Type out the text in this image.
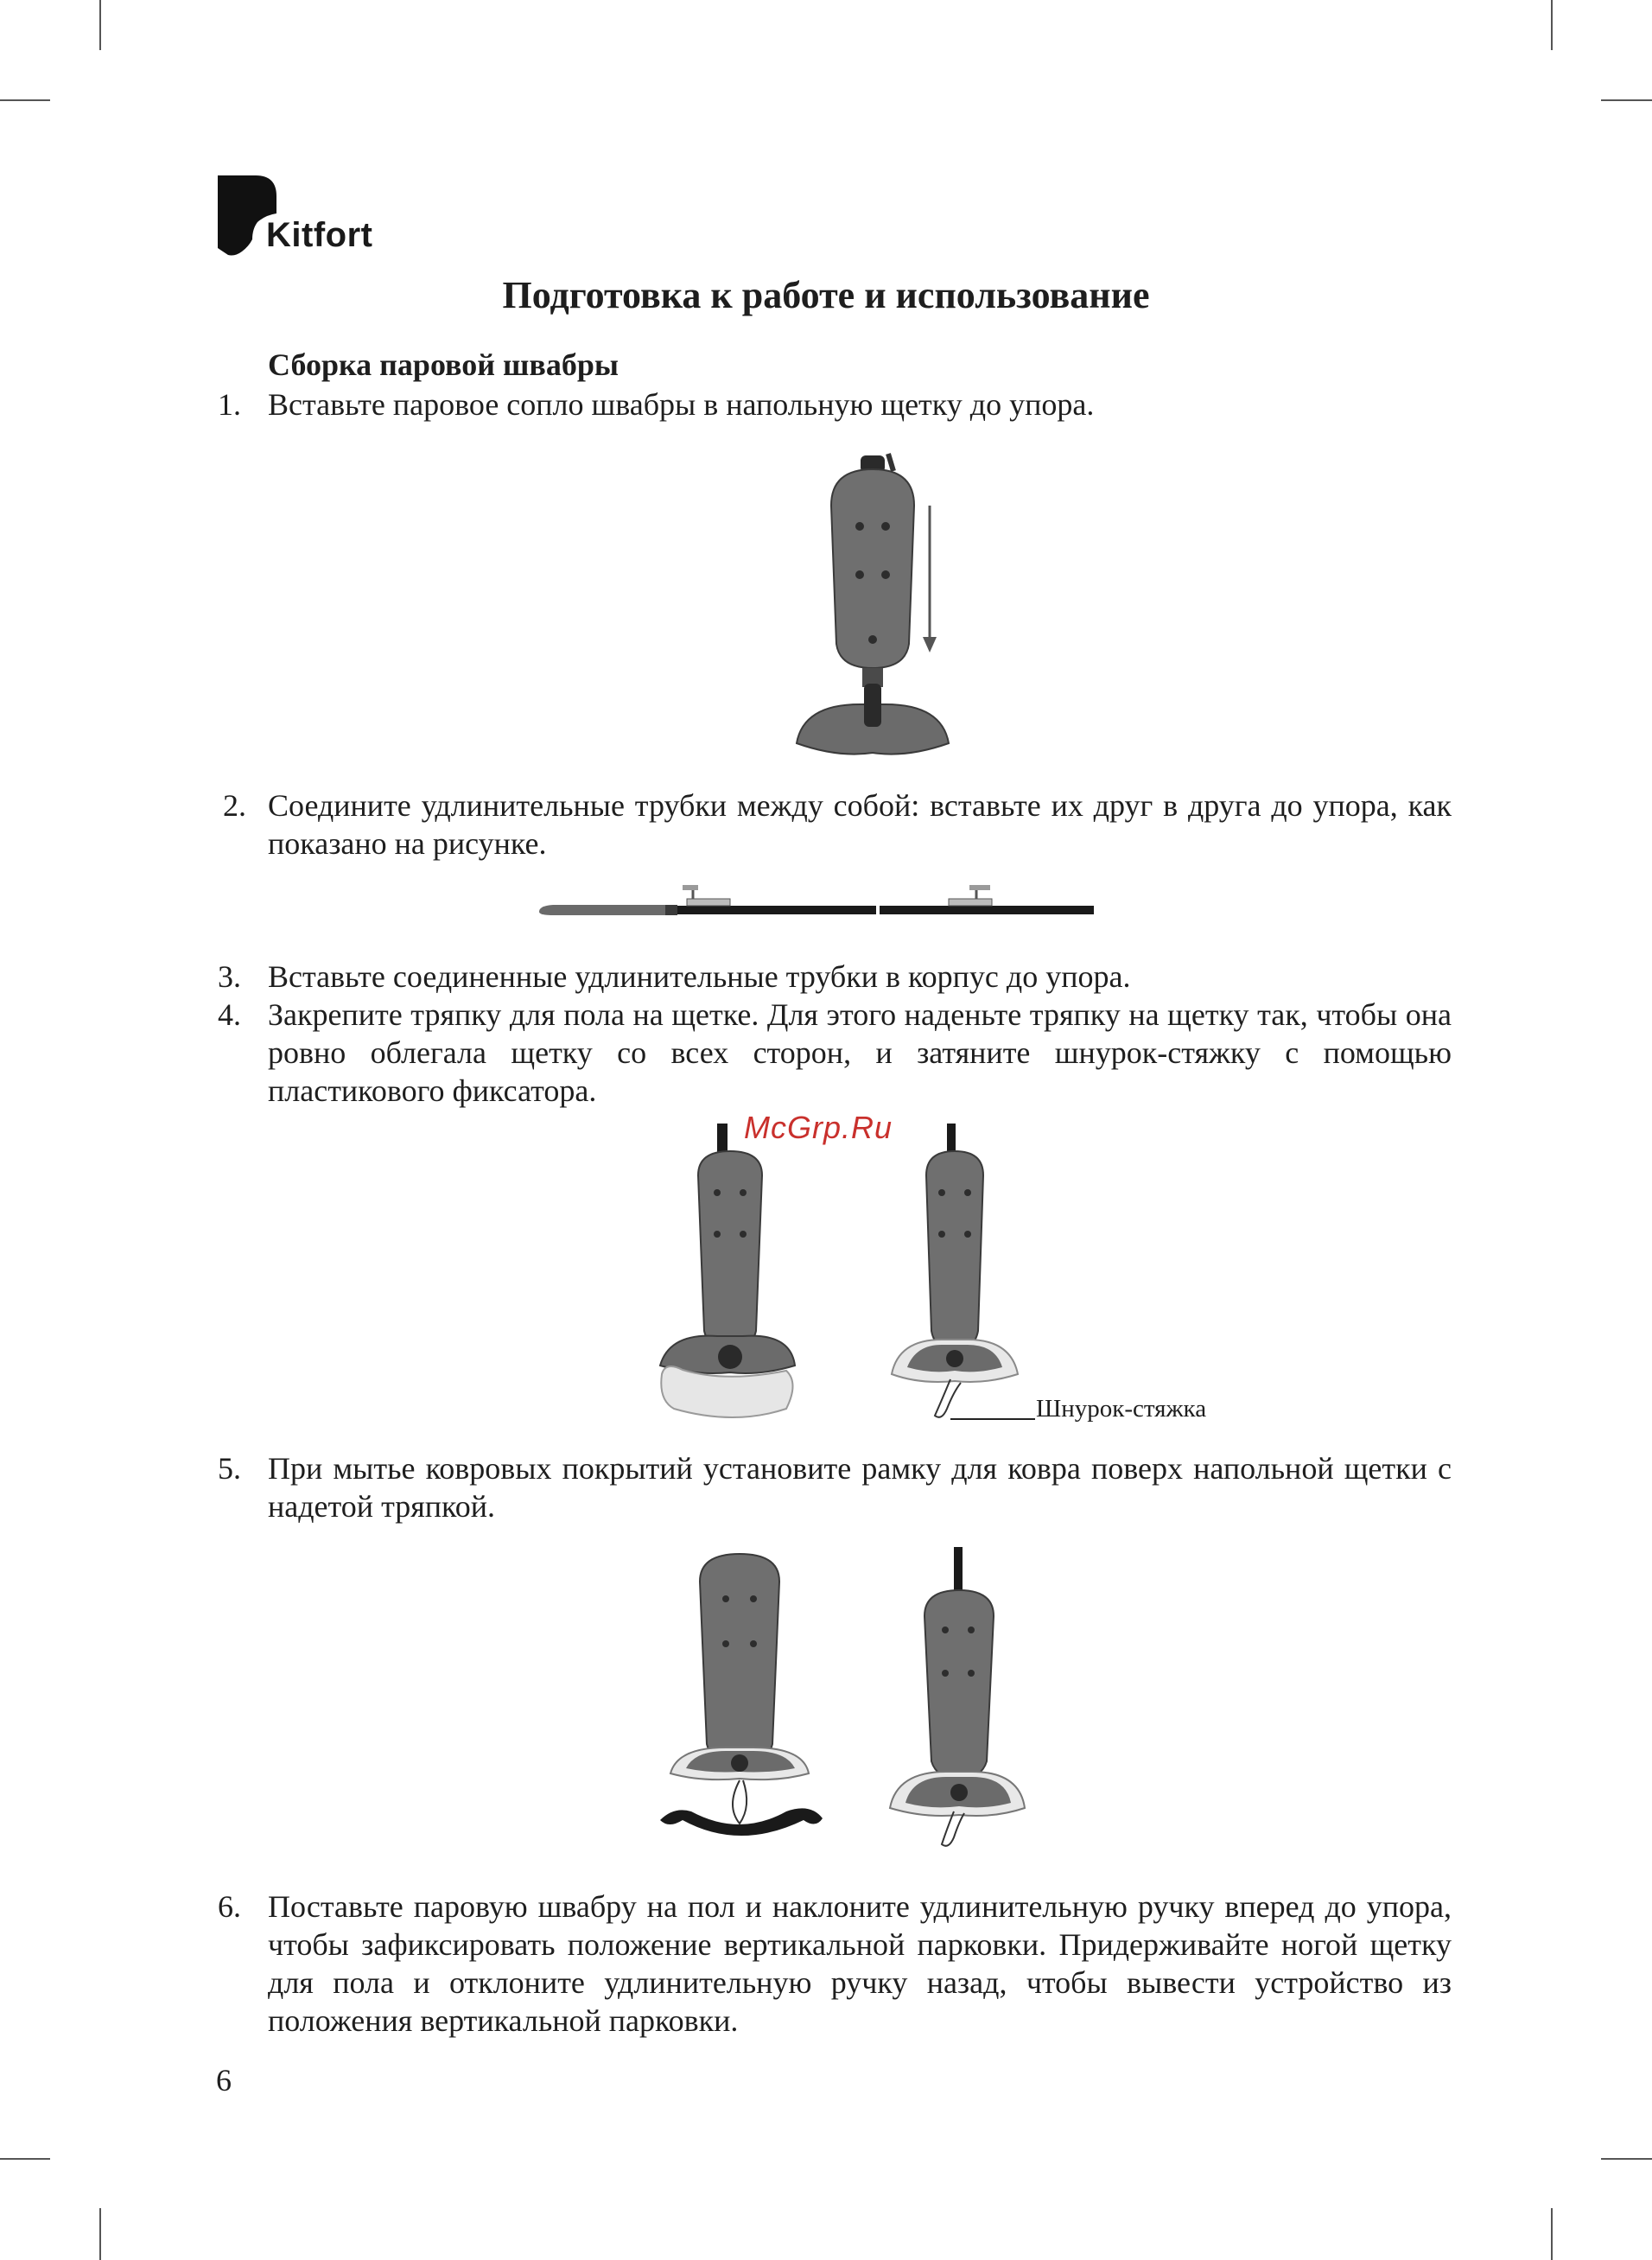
Kitfort
Подготовка к работе и использование
Сборка паровой швабры
1. Вставьте паровое сопло швабры в напольную щетку до упора.
2. Соедините удлинительные трубки между собой: вставьте их друг в друга до упора, как показано на рисунке.
3. Вставьте соединенные удлинительные трубки в корпус до упора.
4. Закрепите тряпку для пола на щетке. Для этого наденьте тряпку на щетку так, чтобы она ровно облегала щетку со всех сторон, и затяните шнурок-стяжку с помощью пластикового фиксатора.
McGrp.Ru
Шнурок-стяжка
5. При мытье ковровых покрытий установите рамку для ковра поверх напольной щетки с надетой тряпкой.
6. Поставьте паровую швабру на пол и наклоните удлинительную ручку вперед до упора, чтобы зафиксировать положение вертикальной парковки. Придерживайте ногой щетку для пола и отклоните удлинительную ручку назад, чтобы вывести устройство из положения вертикальной парковки.
6
